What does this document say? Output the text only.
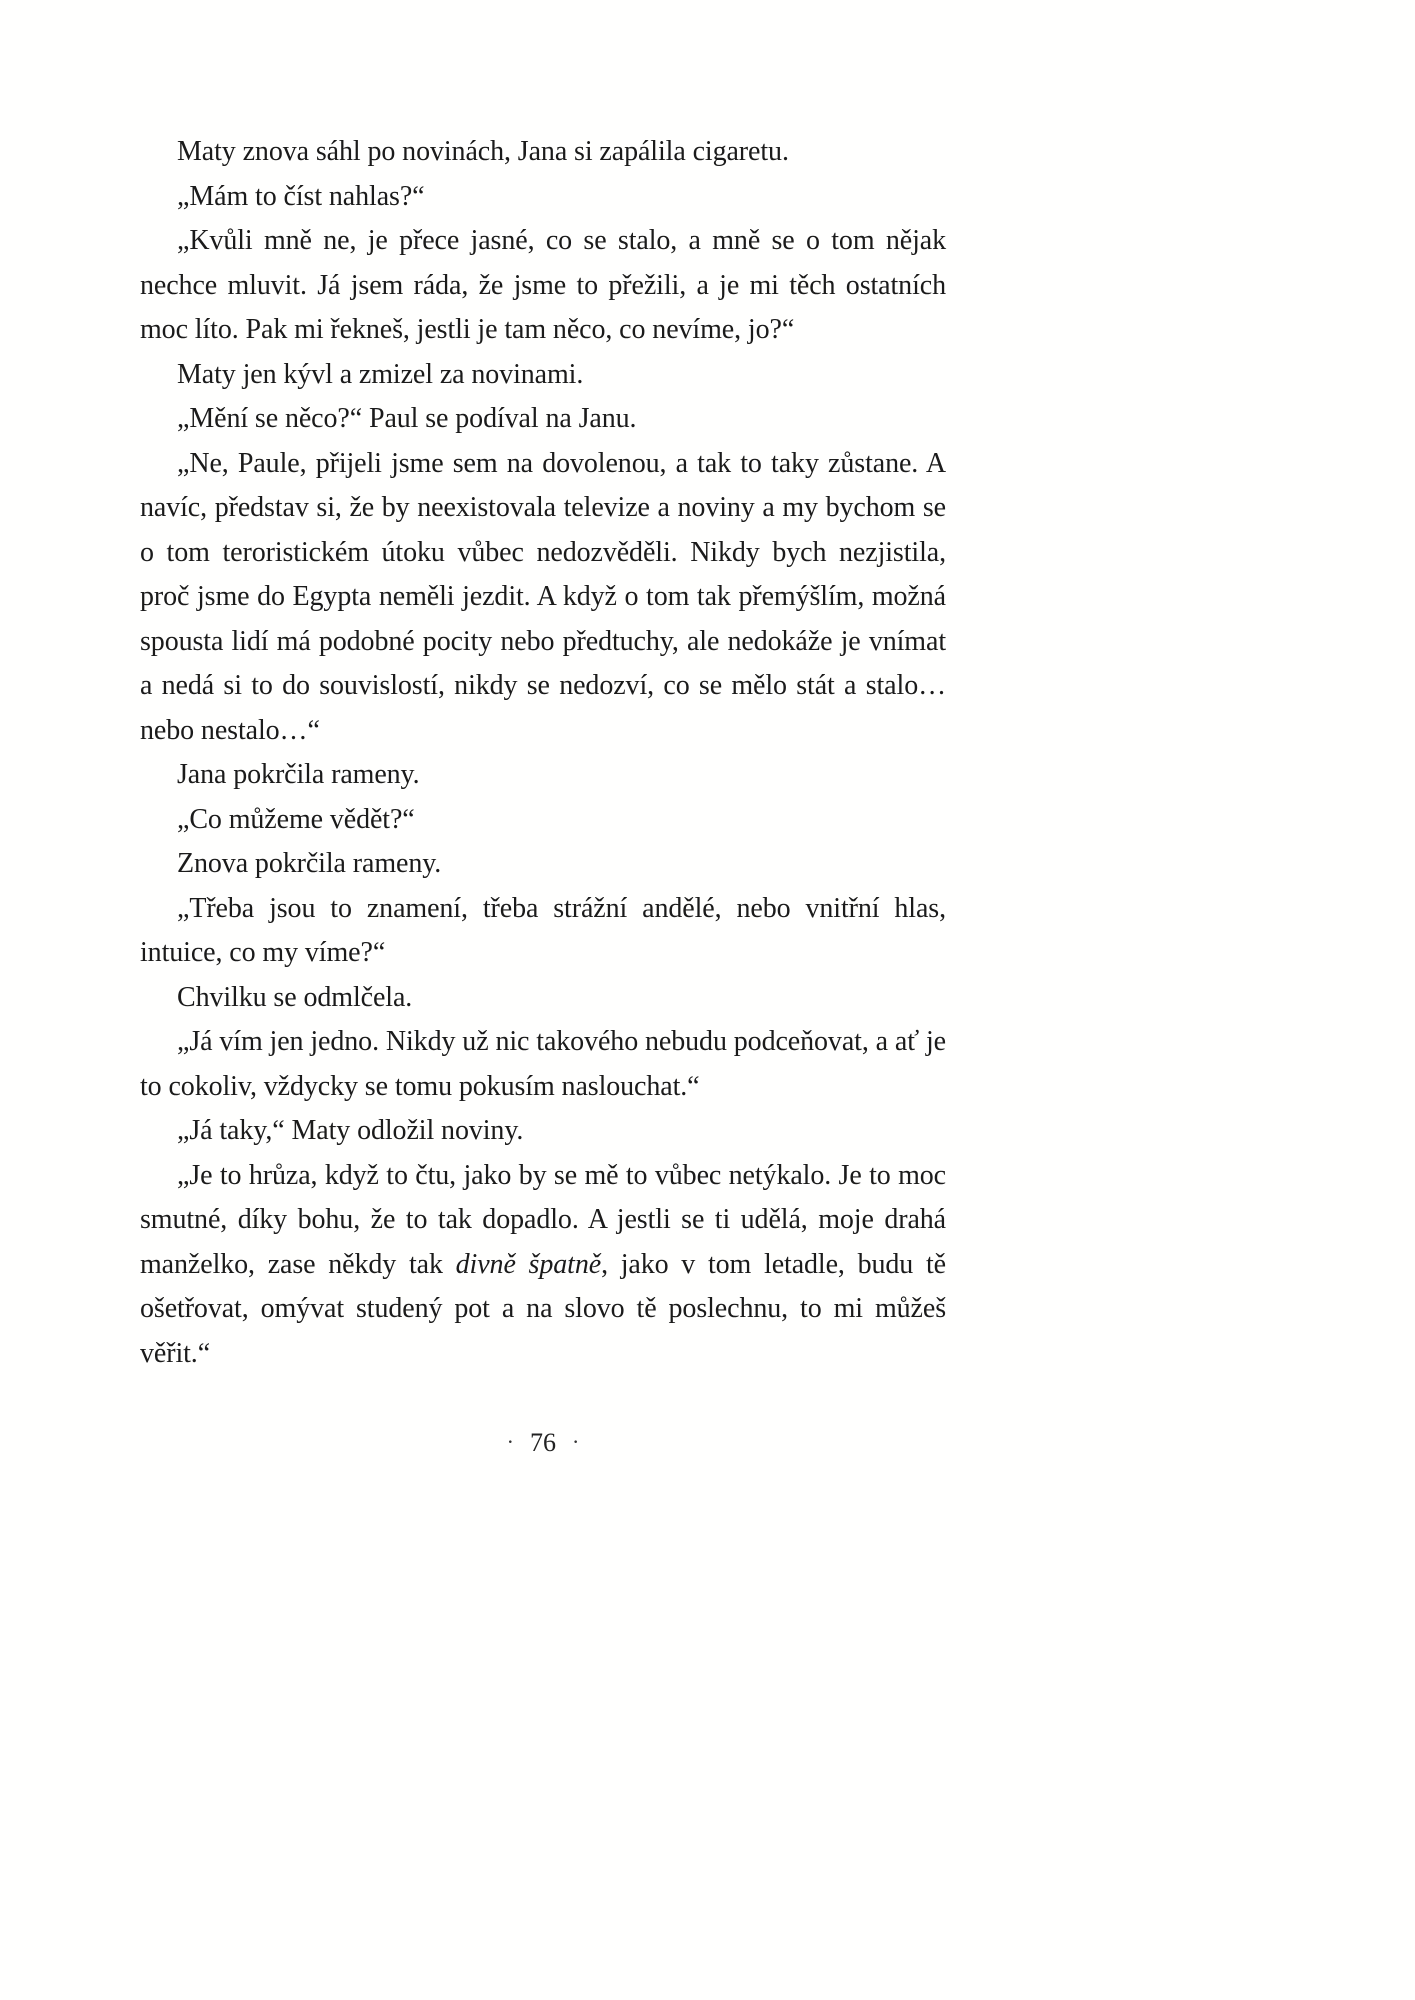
Maty znova sáhl po novinách, Jana si zapálila cigaretu.

„Mám to číst nahlas?“

„Kvůli mně ne, je přece jasné, co se stalo, a mně se o tom nějak nechce mluvit. Já jsem ráda, že jsme to přežili, a je mi těch ostatních moc líto. Pak mi řekneš, jestli je tam něco, co nevíme, jo?“

Maty jen kývl a zmizel za novinami.

„Mění se něco?“ Paul se podíval na Janu.

„Ne, Paule, přijeli jsme sem na dovolenou, a tak to taky zůstane. A navíc, představ si, že by neexistovala televize a noviny a my bychom se o tom teroristickém útoku vůbec nedozvěděli. Nikdy bych nezjistila, proč jsme do Egypta neměli jezdit. A když o tom tak přemýšlím, možná spousta lidí má podobné pocity nebo předtuchy, ale nedokáže je vnímat a nedá si to do souvislostí, nikdy se nedozví, co se mělo stát a stalo… nebo nestalo…“

Jana pokrčila rameny.

„Co můžeme vědět?“

Znova pokrčila rameny.

„Třeba jsou to znamení, třeba strážní andělé, nebo vnitřní hlas, intuice, co my víme?“

Chvilku se odmlčela.

„Já vím jen jedno. Nikdy už nic takového nebudu podceňovat, a ať je to cokoliv, vždycky se tomu pokusím naslouchat.“

„Já taky,“ Maty odložil noviny.

„Je to hrůza, když to čtu, jako by se mě to vůbec netýkalo. Je to moc smutné, díky bohu, že to tak dopadlo. A jestli se ti udělá, moje drahá manželko, zase někdy tak divně špatně, jako v tom letadle, budu tě ošetřovat, omývat studený pot a na slovo tě poslechnu, to mi můžeš věřit.“

· 76 ·
